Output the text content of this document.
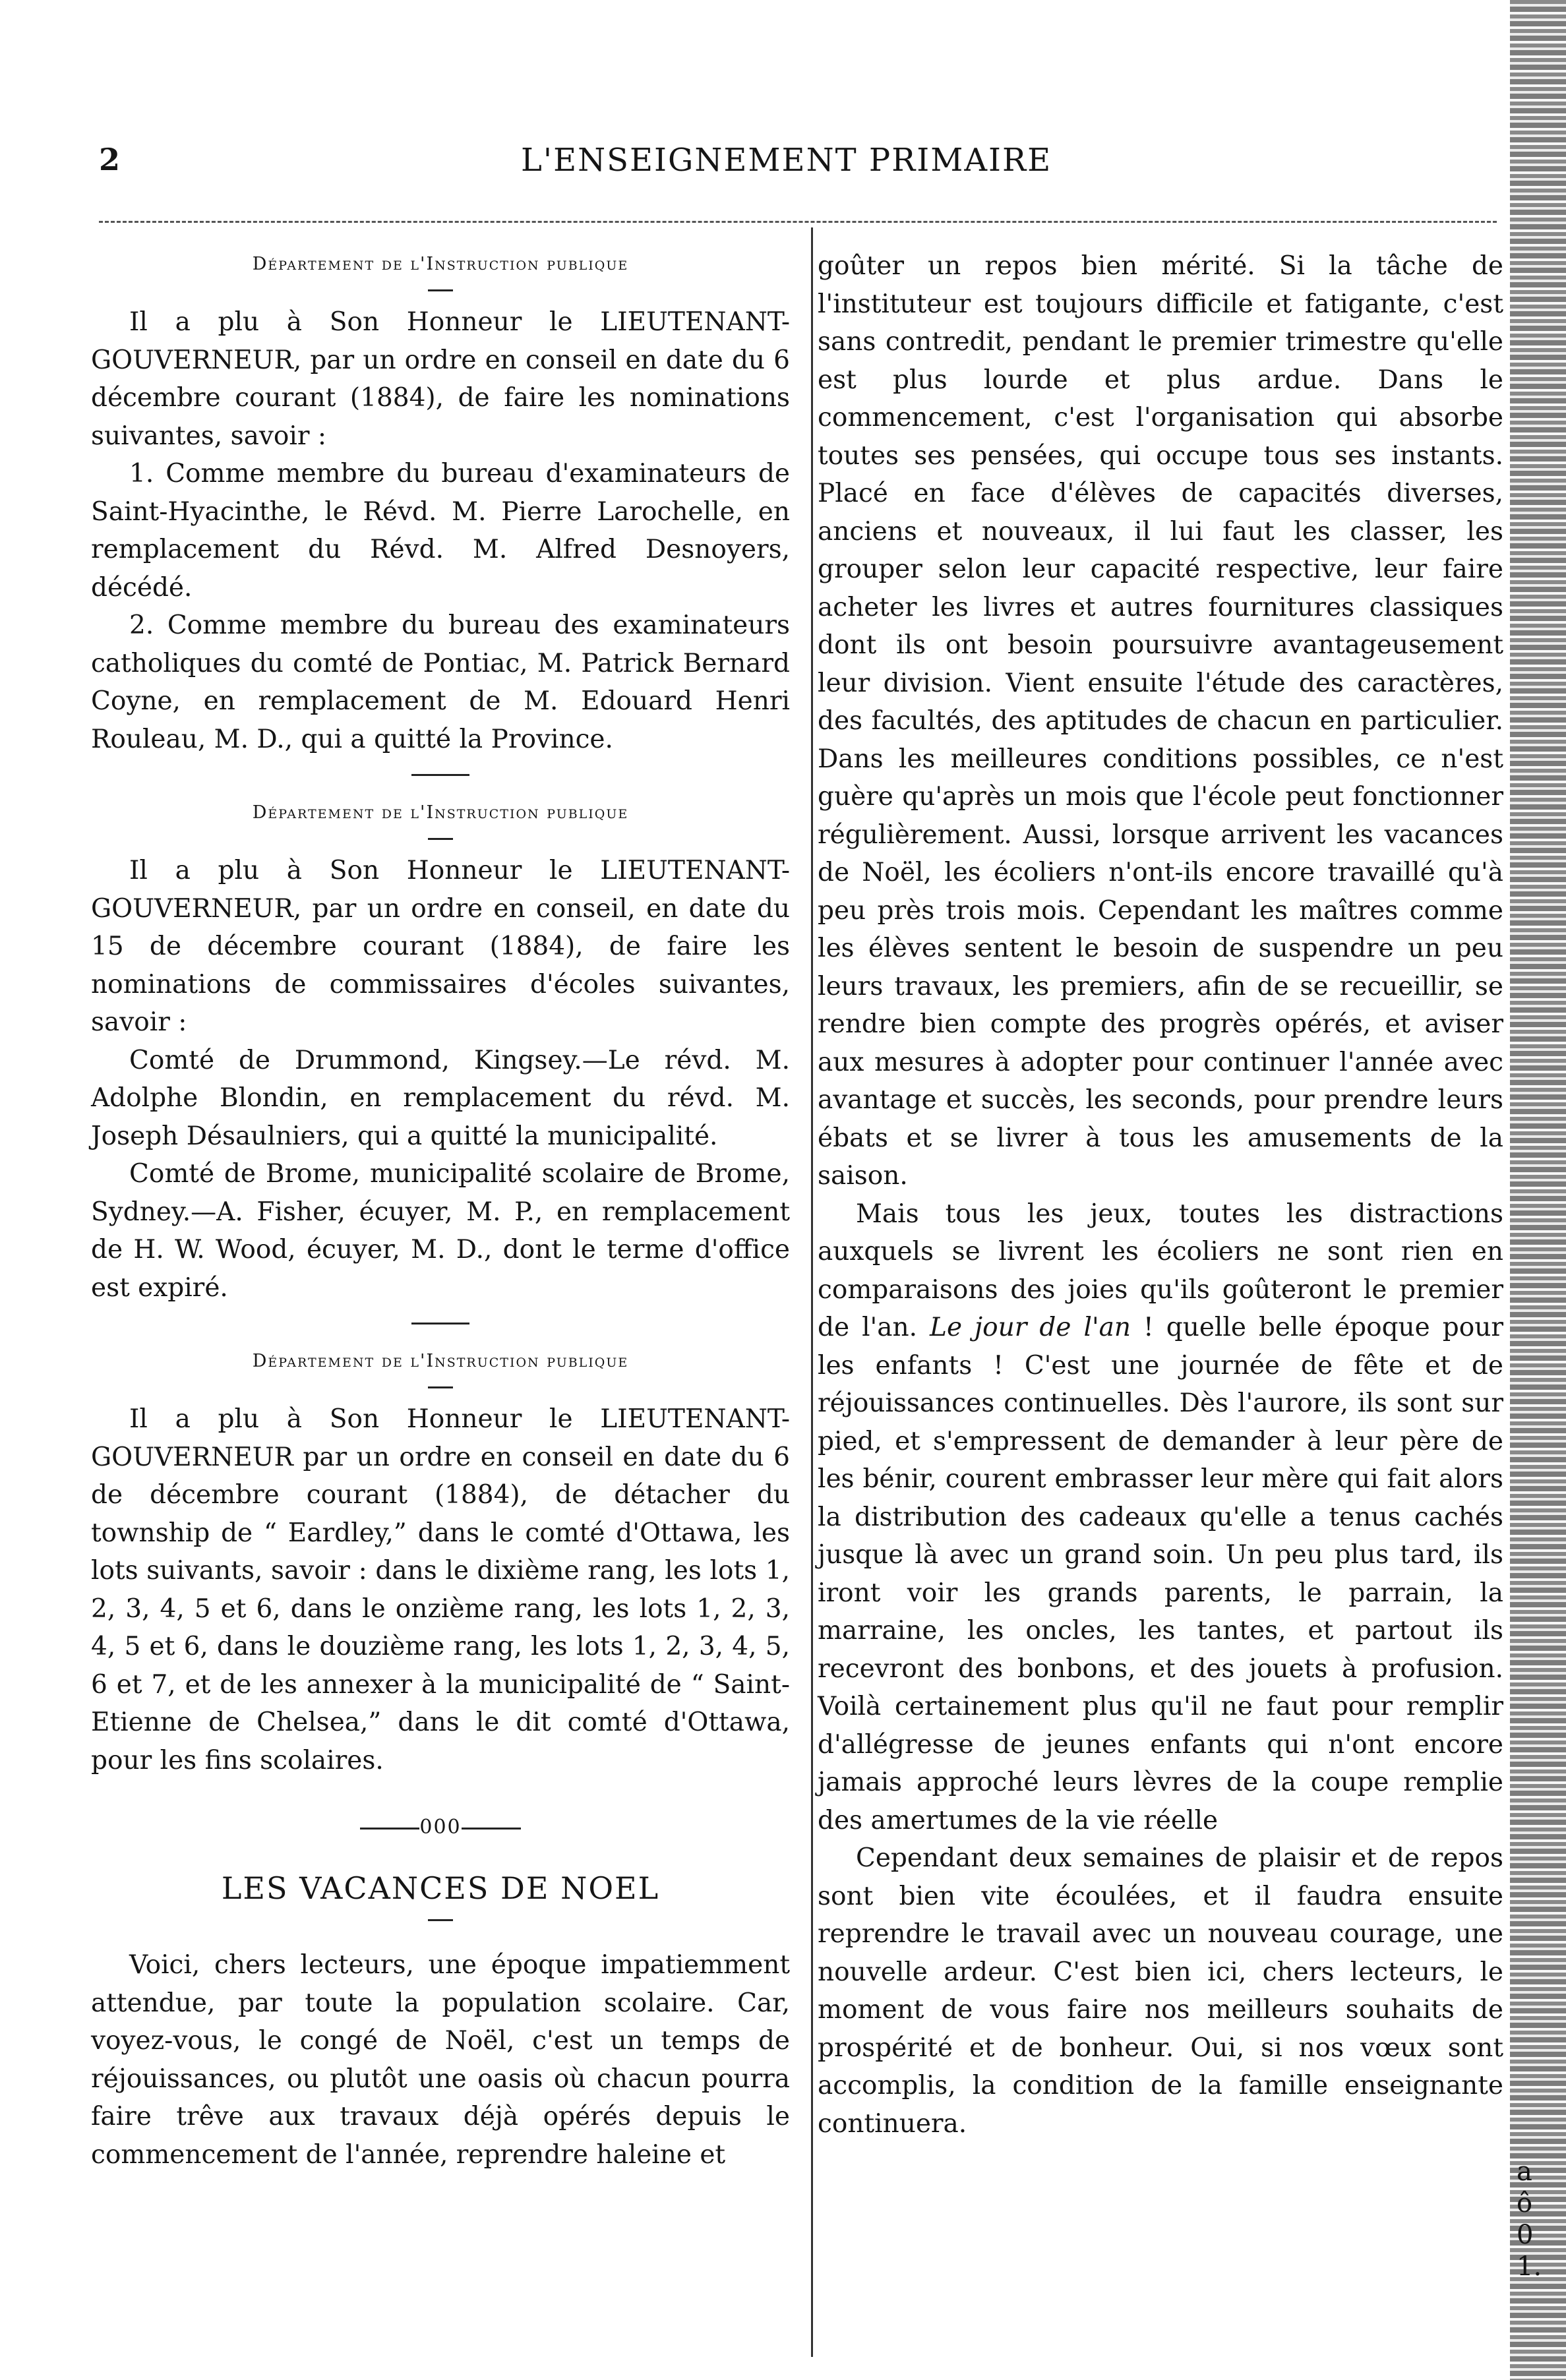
2	L'ENSEIGNEMENT PRIMAIRE
a
ô
0
1.
Département de l'Instruction publique

Il a plu à Son Honneur le LIEUTENANT-GOUVERNEUR, par un ordre en conseil en date du 6 décembre courant (1884), de faire les nominations suivantes, savoir :

1. Comme membre du bureau d'examinateurs de Saint-Hyacinthe, le Révd. M. Pierre Larochelle, en remplacement du Révd. M. Alfred Desnoyers, décédé.

2. Comme membre du bureau des examinateurs catholiques du comté de Pontiac, M. Patrick Bernard Coyne, en remplacement de M. Edouard Henri Rouleau, M. D., qui a quitté la Province.

Département de l'Instruction publique

Il a plu à Son Honneur le LIEUTENANT-GOUVERNEUR, par un ordre en conseil, en date du 15 de décembre courant (1884), de faire les nominations de commissaires d'écoles suivantes, savoir :

Comté de Drummond, Kingsey.—Le révd. M. Adolphe Blondin, en remplacement du révd. M. Joseph Désaulniers, qui a quitté la municipalité.

Comté de Brome, municipalité scolaire de Brome, Sydney.—A. Fisher, écuyer, M. P., en remplacement de H. W. Wood, écuyer, M. D., dont le terme d'office est expiré.

Département de l'Instruction publique

Il a plu à Son Honneur le LIEUTENANT-GOUVERNEUR par un ordre en conseil en date du 6 de décembre courant (1884), de détacher du township de “ Eardley,” dans le comté d'Ottawa, les lots suivants, savoir : dans le dixième rang, les lots 1, 2, 3, 4, 5 et 6, dans le onzième rang, les lots 1, 2, 3, 4, 5 et 6, dans le douzième rang, les lots 1, 2, 3, 4, 5, 6 et 7, et de les annexer à la municipalité de “ Saint-Etienne de Chelsea,” dans le dit comté d'Ottawa, pour les fins scolaires.

000
LES VACANCES DE NOEL

Voici, chers lecteurs, une époque impatiemment attendue, par toute la population scolaire. Car, voyez-vous, le congé de Noël, c'est un temps de réjouissances, ou plutôt une oasis où chacun pourra faire trêve aux travaux déjà opérés depuis le commencement de l'année, reprendre haleine et

goûter un repos bien mérité. Si la tâche de l'instituteur est toujours difficile et fatigante, c'est sans contredit, pendant le premier trimestre qu'elle est plus lourde et plus ardue. Dans le commencement, c'est l'organisation qui absorbe toutes ses pensées, qui occupe tous ses instants. Placé en face d'élèves de capacités diverses, anciens et nouveaux, il lui faut les classer, les grouper selon leur capacité respective, leur faire acheter les livres et autres fournitures classiques dont ils ont besoin poursuivre avantageusement leur division. Vient ensuite l'étude des caractères, des facultés, des aptitudes de chacun en particulier. Dans les meilleures conditions possibles, ce n'est guère qu'après un mois que l'école peut fonctionner régulièrement. Aussi, lorsque arrivent les vacances de Noël, les écoliers n'ont-ils encore travaillé qu'à peu près trois mois. Cependant les maîtres comme les élèves sentent le besoin de suspendre un peu leurs travaux, les premiers, afin de se recueillir, se rendre bien compte des progrès opérés, et aviser aux mesures à adopter pour continuer l'année avec avantage et succès, les seconds, pour prendre leurs ébats et se livrer à tous les amusements de la saison.

Mais tous les jeux, toutes les distractions auxquels se livrent les écoliers ne sont rien en comparaisons des joies qu'ils goûteront le premier de l'an. Le jour de l'an ! quelle belle époque pour les enfants ! C'est une journée de fête et de réjouissances continuelles. Dès l'aurore, ils sont sur pied, et s'empressent de demander à leur père de les bénir, courent embrasser leur mère qui fait alors la distribution des cadeaux qu'elle a tenus cachés jusque là avec un grand soin. Un peu plus tard, ils iront voir les grands parents, le parrain, la marraine, les oncles, les tantes, et partout ils recevront des bonbons, et des jouets à profusion. Voilà certainement plus qu'il ne faut pour remplir d'allégresse de jeunes enfants qui n'ont encore jamais approché leurs lèvres de la coupe remplie des amertumes de la vie réelle

Cependant deux semaines de plaisir et de repos sont bien vite écoulées, et il faudra ensuite reprendre le travail avec un nouveau courage, une nouvelle ardeur. C'est bien ici, chers lecteurs, le moment de vous faire nos meilleurs souhaits de prospérité et de bonheur. Oui, si nos vœux sont accomplis, la condition de la famille enseignante continuera.
